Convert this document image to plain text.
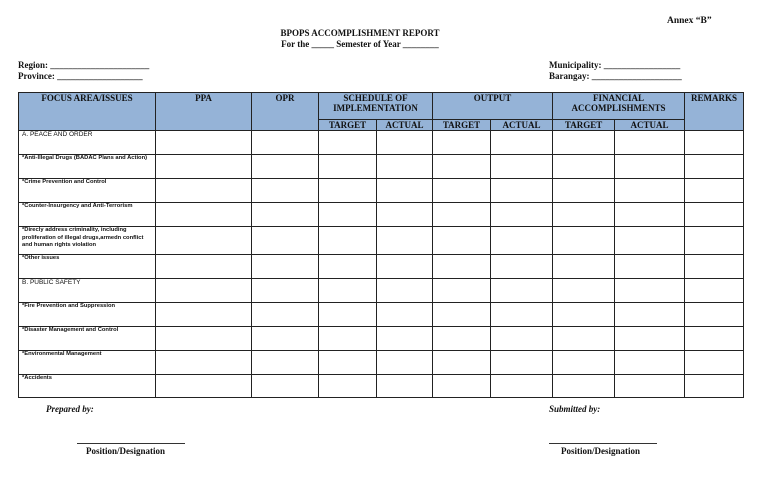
Annex “B”
BPOPS ACCOMPLISHMENT REPORT
For the _____ Semester of Year ________
Region: ______________________
Province: ___________________
Municipality: _________________
Barangay: ____________________
FOCUS AREA/ISSUES	PPA	OPR	SCHEDULE OF IMPLEMENTATION		OUTPUT		FINANCIAL ACCOMPLISHMENTS		REMARKS
			TARGET	ACTUAL	TARGET	ACTUAL	TARGET	ACTUAL	
A. PEACE AND ORDER									
*Anti-Illegal Drugs (BADAC Plans and Action)									
*Crime Prevention and Control									
*Counter-Insurgency and Anti-Terrorism									
*Direcly address criminality, including proliferation of illegal drugs,armedn conflict and human rights violation									
*Other issues									
B. PUBLIC SAFETY									
*Fire Prevention and Suppression									
*Disaster Management and Control									
*Environmental Management									
*Accidents									
Prepared by:	Submitted by:
Position/Designation	Position/Designation
